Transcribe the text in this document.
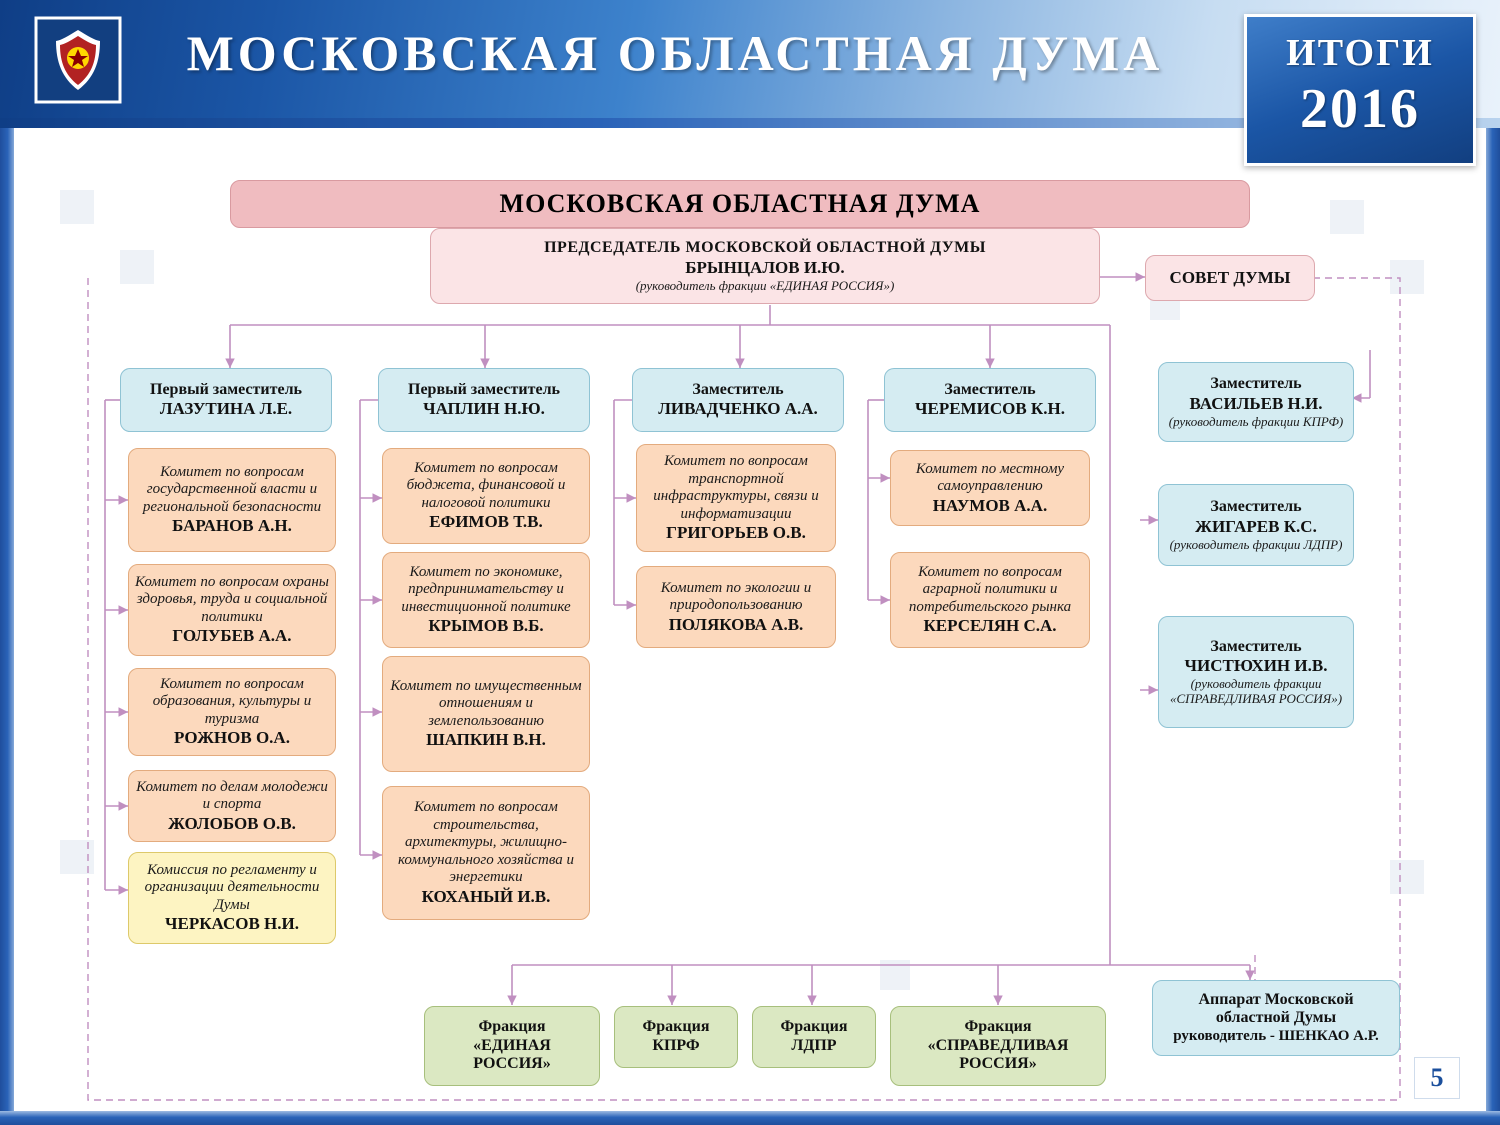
МОСКОВСКАЯ ОБЛАСТНАЯ ДУМА	ИТОГИ
2016
МОСКОВСКАЯ ОБЛАСТНАЯ ДУМА
ПРЕДСЕДАТЕЛЬ МОСКОВСКОЙ ОБЛАСТНОЙ ДУМЫ
БРЫНЦАЛОВ И.Ю.
(руководитель фракции «ЕДИНАЯ РОССИЯ»)	СОВЕТ ДУМЫ
Первый заместитель
ЛАЗУТИНА Л.Е.
Первый заместитель
ЧАПЛИН Н.Ю.
Заместитель
ЛИВАДЧЕНКО А.А.
Заместитель
ЧЕРЕМИСОВ К.Н.
Заместитель
ВАСИЛЬЕВ Н.И.
(руководитель фракции КПРФ)
Заместитель
ЖИГАРЕВ К.С.
(руководитель фракции ЛДПР)
Заместитель
ЧИСТЮХИН И.В.
(руководитель фракции «СПРАВЕДЛИВАЯ РОССИЯ»)
Комитет по вопросам государственной власти и региональной безопасности
БАРАНОВ А.Н.
Комитет по вопросам охраны здоровья, труда и социальной политики
ГОЛУБЕВ А.А.
Комитет по вопросам образования, культуры и туризма
РОЖНОВ О.А.
Комитет по делам молодежи и спорта
ЖОЛОБОВ О.В.
Комиссия по регламенту и организации деятельности Думы
ЧЕРКАСОВ Н.И.
Комитет по вопросам бюджета, финансовой и налоговой политики
ЕФИМОВ Т.В.
Комитет по экономике, предпринимательству и инвестиционной политике
КРЫМОВ В.Б.
Комитет по имущественным отношениям и землепользованию
ШАПКИН В.Н.
Комитет по вопросам строительства, архитектуры, жилищно-коммунального хозяйства и энергетики
КОХАНЫЙ И.В.
Комитет по вопросам транспортной инфраструктуры, связи и информатизации
ГРИГОРЬЕВ О.В.
Комитет по экологии и природопользованию
ПОЛЯКОВА А.В.
Комитет по местному самоуправлению
НАУМОВ А.А.
Комитет по вопросам аграрной политики и потребительского рынка
КЕРСЕЛЯН С.А.
Фракция
«ЕДИНАЯ
РОССИЯ»
Фракция
КПРФ
Фракция
ЛДПР
Фракция
«СПРАВЕДЛИВАЯ
РОССИЯ»
Аппарат Московской
областной Думы
руководитель - ШЕНКАО А.Р.
5
